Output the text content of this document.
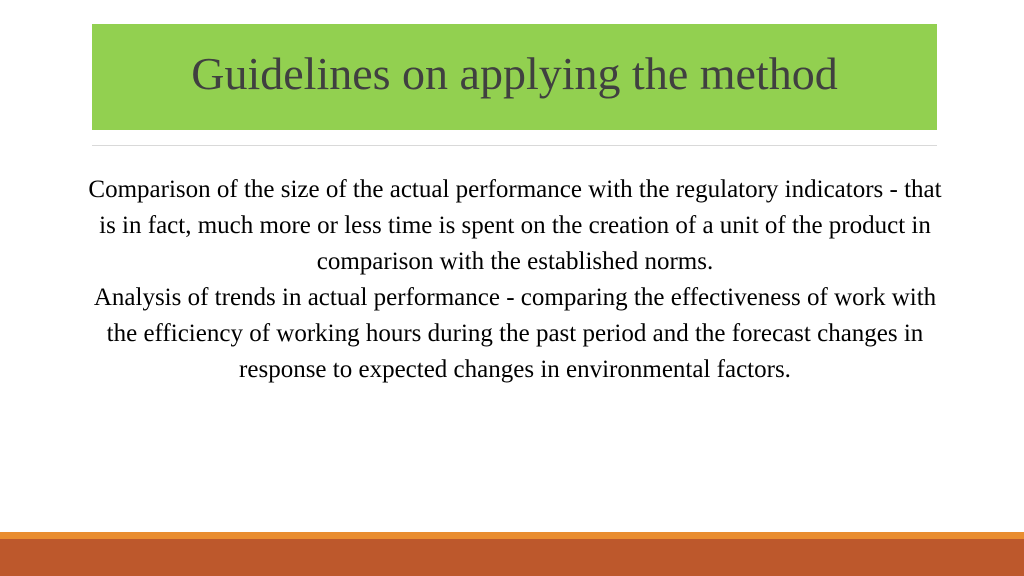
Guidelines on applying the method

Comparison of the size of the actual performance with the regulatory indicators - that is in fact, much more or less time is spent on the creation of a unit of the product in comparison with the established norms.

Analysis of trends in actual performance - comparing the effectiveness of work with the efficiency of working hours during the past period and the forecast changes in response to expected changes in environmental factors.
